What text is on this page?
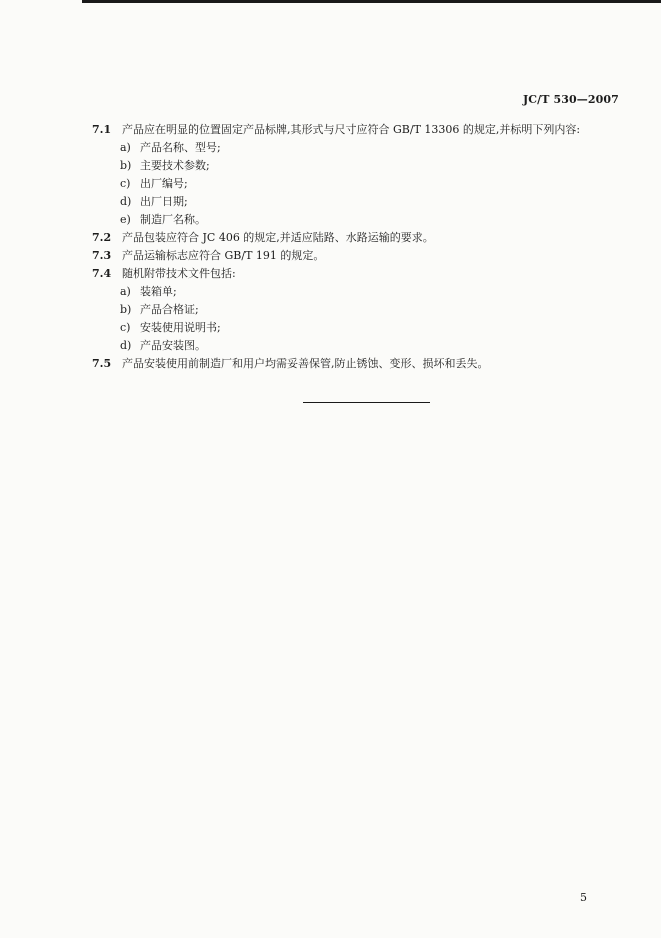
JC/T 530—2007
7.1 产品应在明显的位置固定产品标牌,其形式与尺寸应符合 GB/T 13306 的规定,并标明下列内容:
a) 产品名称、型号;
b) 主要技术参数;
c) 出厂编号;
d) 出厂日期;
e) 制造厂名称。
7.2 产品包装应符合 JC 406 的规定,并适应陆路、水路运输的要求。
7.3 产品运输标志应符合 GB/T 191 的规定。
7.4 随机附带技术文件包括:
a) 装箱单;
b) 产品合格证;
c) 安装使用说明书;
d) 产品安装图。
7.5 产品安装使用前制造厂和用户均需妥善保管,防止锈蚀、变形、损坏和丢失。
5
